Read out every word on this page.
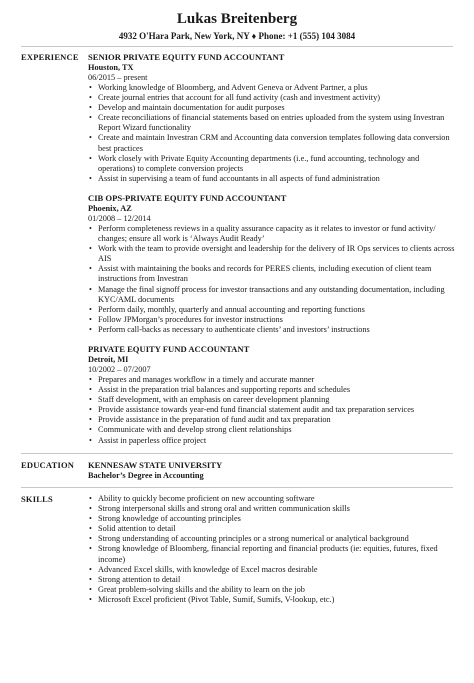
Lukas Breitenberg
4932 O'Hara Park, New York, NY ♦ Phone: +1 (555) 104 3084
EXPERIENCE SENIOR PRIVATE EQUITY FUND ACCOUNTANT
Houston, TX
06/2015 – present
• Working knowledge of Bloomberg, and Advent Geneva or Advent Partner, a plus
• Create journal entries that account for all fund activity (cash and investment activity)
• Develop and maintain documentation for audit purposes
• Create reconciliations of financial statements based on entries uploaded from the system using Investran Report Wizard functionality
• Create and maintain Investran CRM and Accounting data conversion templates following data conversion best practices
• Work closely with Private Equity Accounting departments (i.e., fund accounting, technology and operations) to complete conversion projects
• Assist in supervising a team of fund accountants in all aspects of fund administration
CIB OPS-PRIVATE EQUITY FUND ACCOUNTANT
Phoenix, AZ
01/2008 – 12/2014
• Perform completeness reviews in a quality assurance capacity as it relates to investor or fund activity/ changes; ensure all work is ‘Always Audit Ready’
• Work with the team to provide oversight and leadership for the delivery of IR Ops services to clients across AIS
• Assist with maintaining the books and records for PERES clients, including execution of client team instructions from Investran
• Manage the final signoff process for investor transactions and any outstanding documentation, including KYC/AML documents
• Perform daily, monthly, quarterly and annual accounting and reporting functions
• Follow JPMorgan’s procedures for investor instructions
• Perform call-backs as necessary to authenticate clients’ and investors’ instructions
PRIVATE EQUITY FUND ACCOUNTANT
Detroit, MI
10/2002 – 07/2007
• Prepares and manages workflow in a timely and accurate manner
• Assist in the preparation trial balances and supporting reports and schedules
• Staff development, with an emphasis on career development planning
• Provide assistance towards year-end fund financial statement audit and tax preparation services
• Provide assistance in the preparation of fund audit and tax preparation
• Communicate with and develop strong client relationships
• Assist in paperless office project
EDUCATION KENNESAW STATE UNIVERSITY
Bachelor’s Degree in Accounting
SKILLS
•	Ability to quickly become proficient on new accounting software
• Strong interpersonal skills and strong oral and written communication skills
• Strong knowledge of accounting principles
• Solid attention to detail
• Strong understanding of accounting principles or a strong numerical or analytical background
• Strong knowledge of Bloomberg, financial reporting and financial products (ie: equities, futures, fixed income)
• Advanced Excel skills, with knowledge of Excel macros desirable
• Strong attention to detail
• Great problem-solving skills and the ability to learn on the job
• Microsoft Excel proficient (Pivot Table, Sumif, Sumifs, V-lookup, etc.)
